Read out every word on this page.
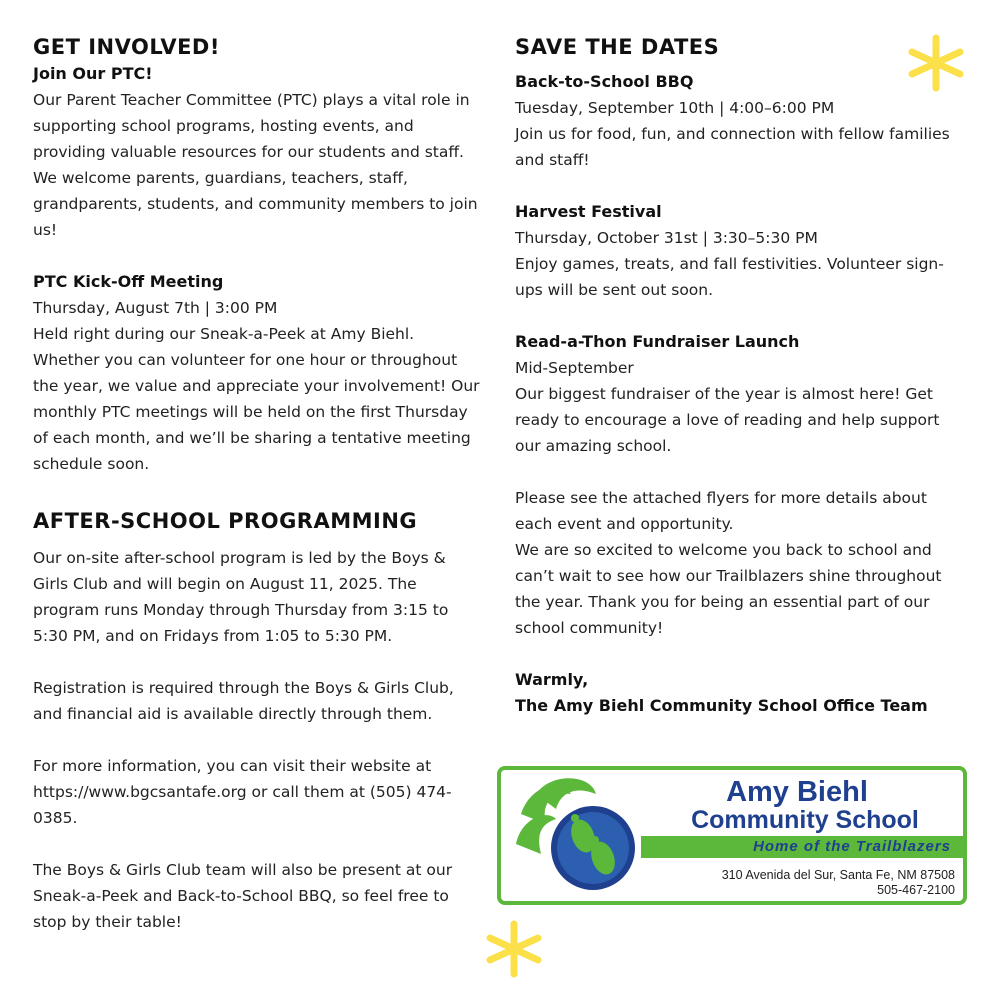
GET INVOLVED!
Join Our PTC!
Our Parent Teacher Committee (PTC) plays a vital role in supporting school programs, hosting events, and providing valuable resources for our students and staff. We welcome parents, guardians, teachers, staff, grandparents, students, and community members to join us!
PTC Kick-Off Meeting
Thursday, August 7th | 3:00 PM
Held right during our Sneak-a-Peek at Amy Biehl. Whether you can volunteer for one hour or throughout the year, we value and appreciate your involvement! Our monthly PTC meetings will be held on the first Thursday of each month, and we’ll be sharing a tentative meeting schedule soon.
AFTER-SCHOOL PROGRAMMING
Our on-site after-school program is led by the Boys & Girls Club and will begin on August 11, 2025. The program runs Monday through Thursday from 3:15 to 5:30 PM, and on Fridays from 1:05 to 5:30 PM.
Registration is required through the Boys & Girls Club, and financial aid is available directly through them.
For more information, you can visit their website at https://www.bgcsantafe.org or call them at (505) 474-0385.
The Boys & Girls Club team will also be present at our Sneak-a-Peek and Back-to-School BBQ, so feel free to stop by their table!
SAVE THE DATES
Back-to-School BBQ
Tuesday, September 10th | 4:00–6:00 PM
Join us for food, fun, and connection with fellow families and staff!
Harvest Festival
Thursday, October 31st | 3:30–5:30 PM
Enjoy games, treats, and fall festivities. Volunteer sign-ups will be sent out soon.
Read-a-Thon Fundraiser Launch
Mid-September
Our biggest fundraiser of the year is almost here! Get ready to encourage a love of reading and help support our amazing school.
Please see the attached flyers for more details about each event and opportunity.
We are so excited to welcome you back to school and can’t wait to see how our Trailblazers shine throughout the year. Thank you for being an essential part of our school community!
Warmly,
The Amy Biehl Community School Office Team
Amy Biehl
Community School
Home of the Trailblazers
310 Avenida del Sur, Santa Fe, NM 87508
505-467-2100
